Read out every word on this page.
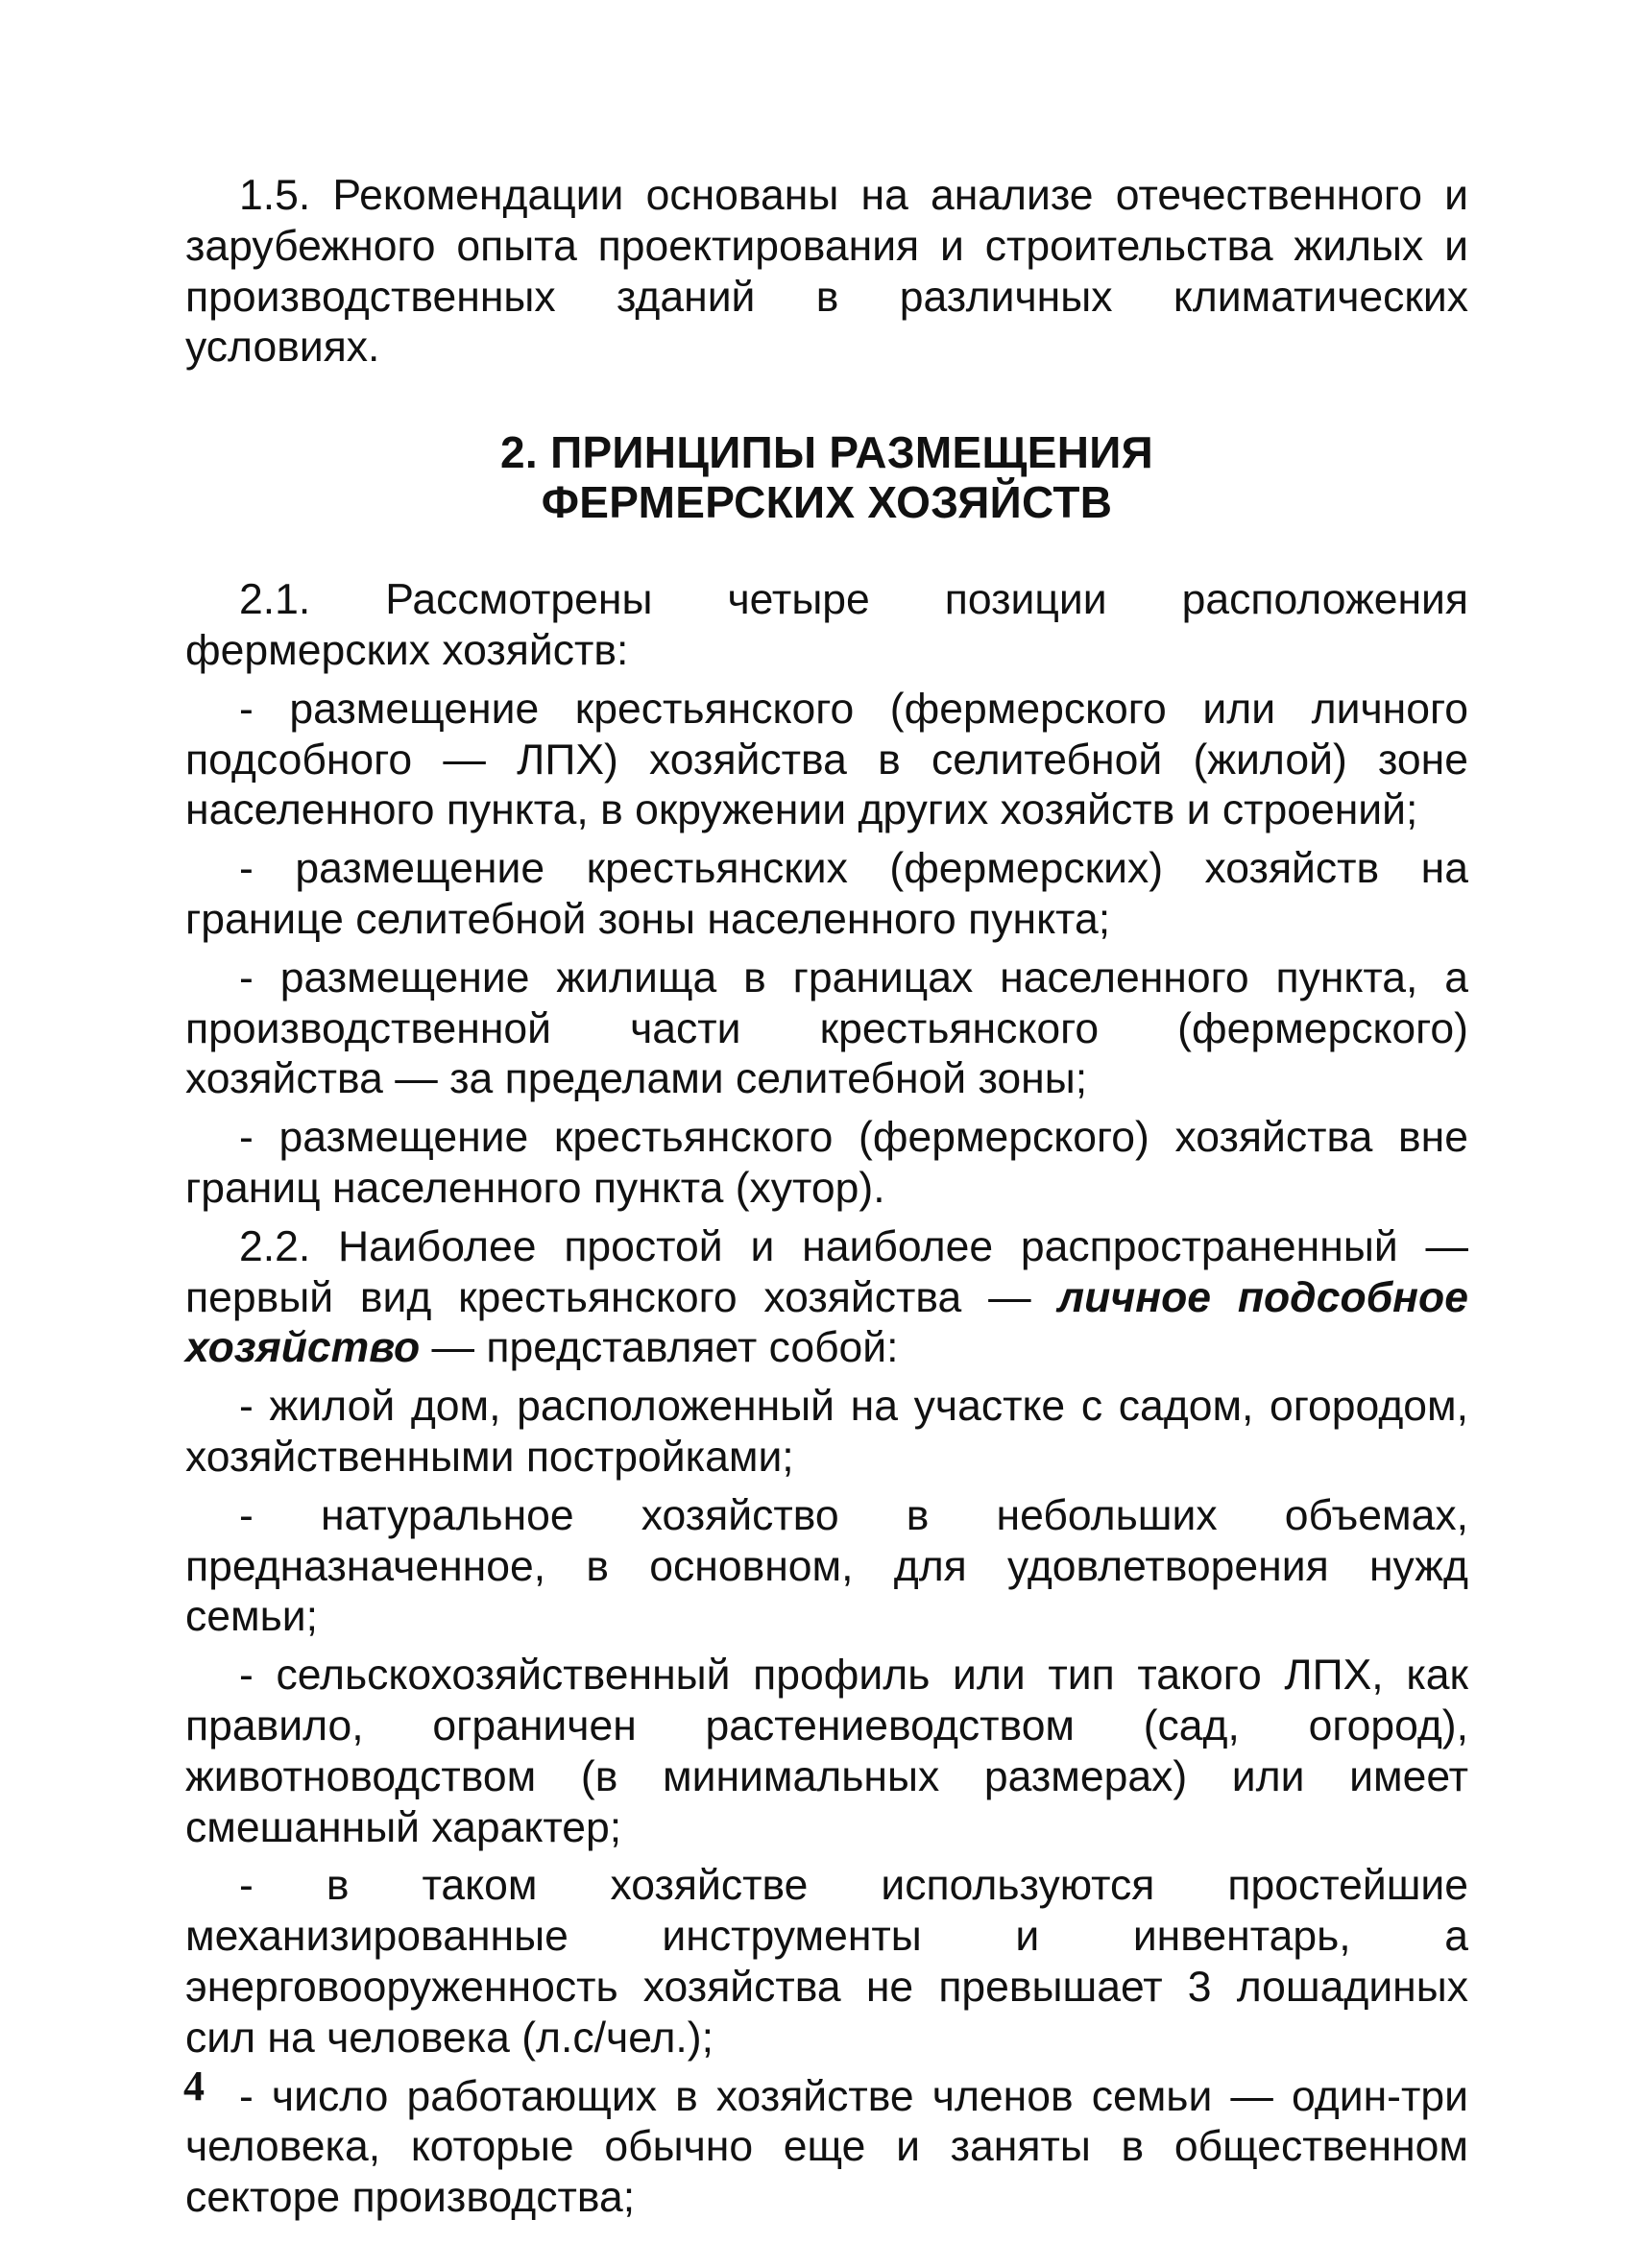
1.5. Рекомендации основаны на анализе отечественного и зарубежного опыта проектирования и строительства жилых и производственных зданий в различных климатических условиях.

2. ПРИНЦИПЫ РАЗМЕЩЕНИЯ
ФЕРМЕРСКИХ ХОЗЯЙСТВ

2.1. Рассмотрены четыре позиции расположения фермерских хозяйств:

- размещение крестьянского (фермерского или личного подсобного — ЛПХ) хозяйства в селитебной (жилой) зоне населенного пункта, в окружении других хозяйств и строений;

- размещение крестьянских (фермерских) хозяйств на границе селитебной зоны населенного пункта;

- размещение жилища в границах населенного пункта, а производственной части крестьянского (фермерского) хозяйства — за пределами селитебной зоны;

- размещение крестьянского (фермерского) хозяйства вне границ населенного пункта (хутор).

2.2. Наиболее простой и наиболее распространенный — первый вид крестьянского хозяйства — личное подсобное хозяйство — представляет собой:

- жилой дом, расположенный на участке с садом, огородом, хозяйственными постройками;

- натуральное хозяйство в небольших объемах, предназначенное, в основном, для удовлетворения нужд семьи;

- сельскохозяйственный профиль или тип такого ЛПХ, как правило, ограничен растениеводством (сад, огород), животноводством (в минимальных размерах) или имеет смешанный характер;

- в таком хозяйстве используются простейшие механизированные инструменты и инвентарь, а энерговооруженность хозяйства не превышает 3 лошадиных сил на человека (л.с/чел.);

- число работающих в хозяйстве членов семьи — один-три человека, которые обычно еще и заняты в общественном секторе производства;

4
